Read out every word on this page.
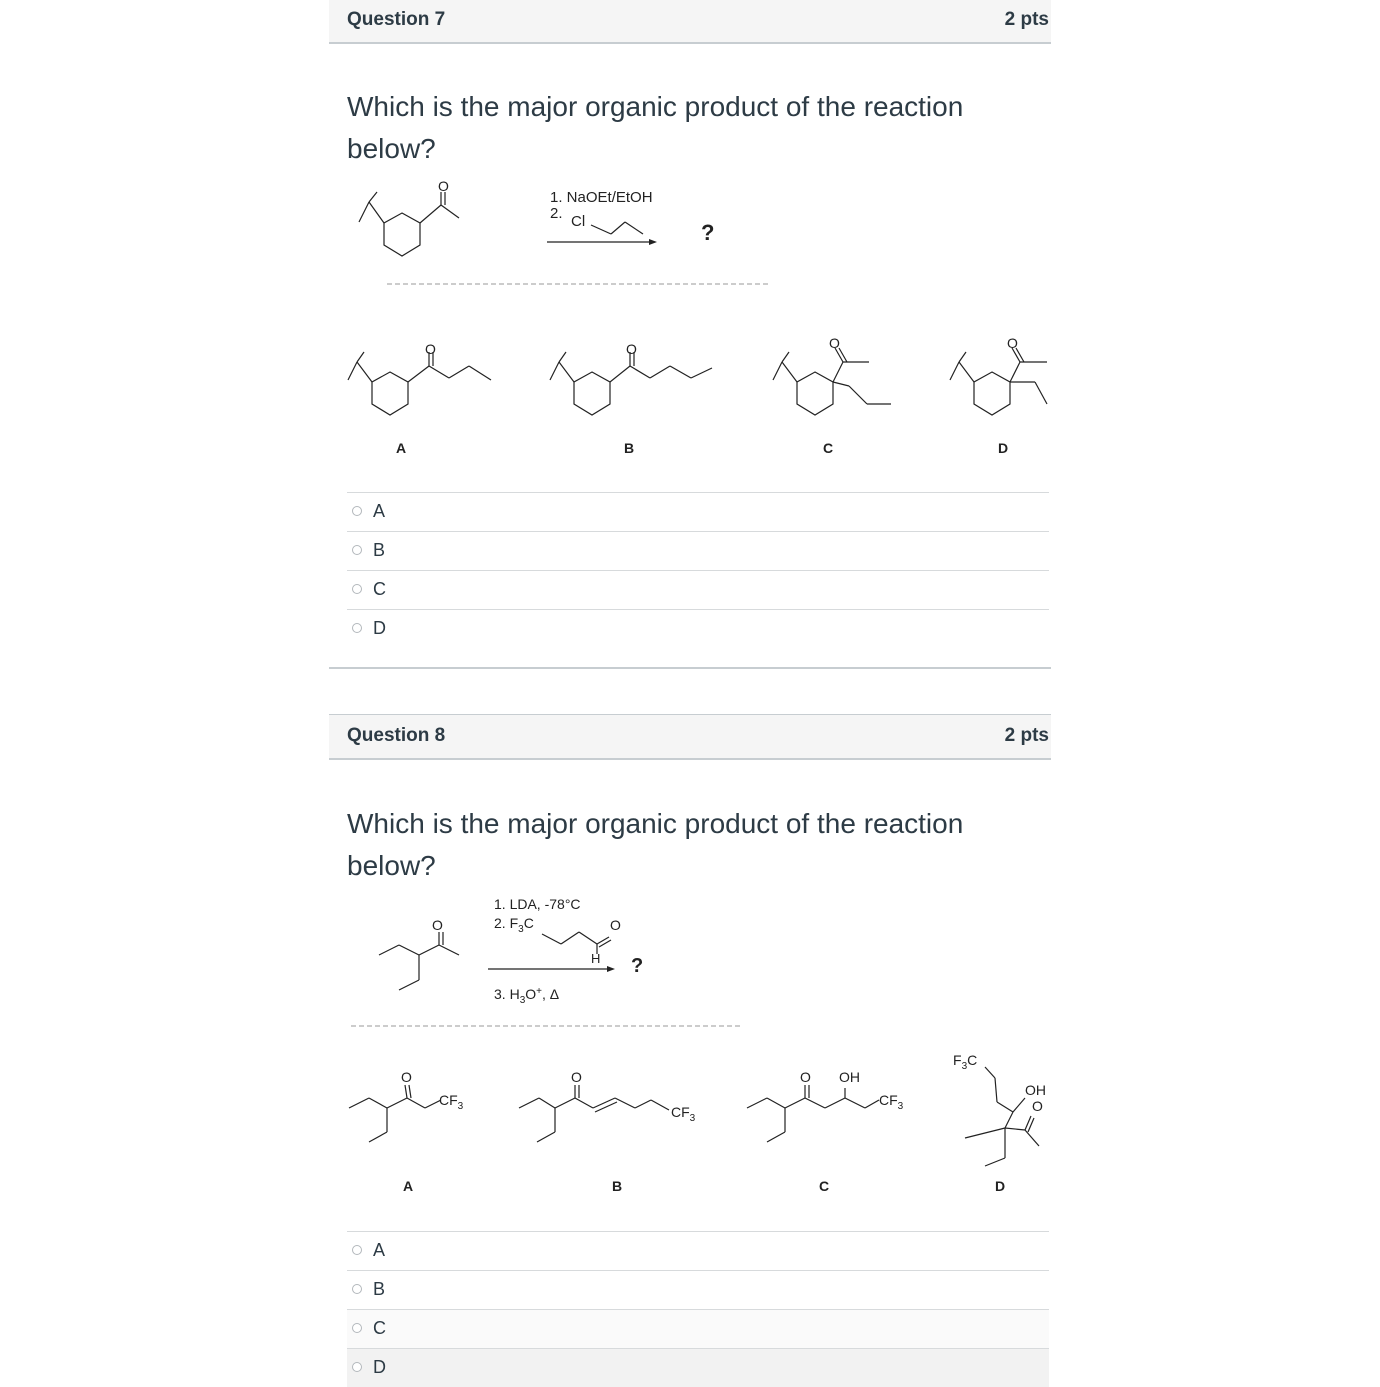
Question 7	2 pts
Which is the major organic product of the reaction below?
O
1. NaOEt/EtOH
2. Cl	?
O	O	O	O
A	B	C	D
A
B
C
D
Question 8	2 pts
Which is the major organic product of the reaction below?
O
1. LDA, -78°C
2. $F_3C$	O
H ?
3. $H_3O^+$, Δ
O
$CF_3$
O
$CF_3$
O OH
$CF_3$
$F_3C$
OH
O
A	B	C	D
A
B
C
D
